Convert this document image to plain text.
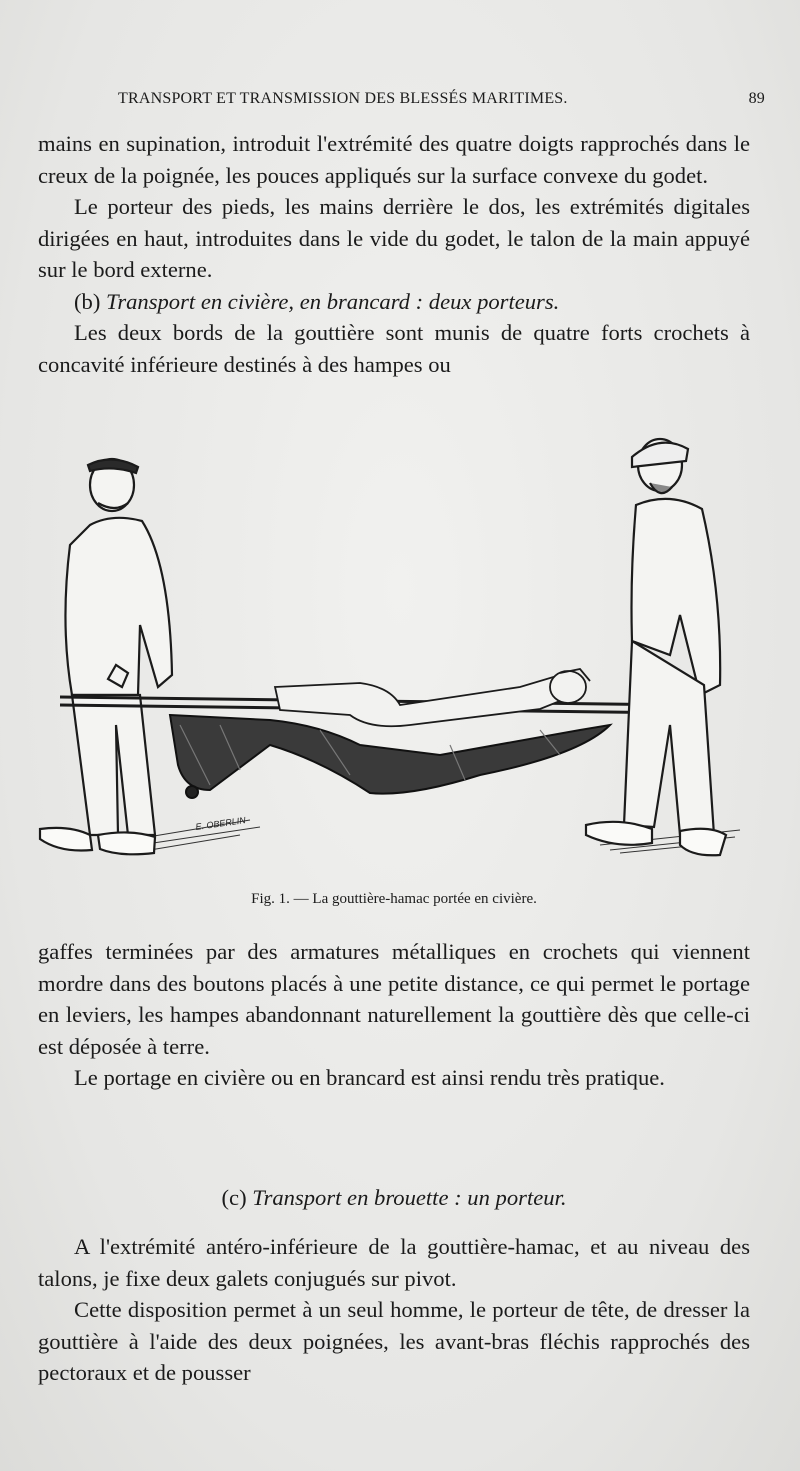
TRANSPORT ET TRANSMISSION DES BLESSÉS MARITIMES.	89

mains en supination, introduit l'extrémité des quatre doigts rapprochés dans le creux de la poignée, les pouces appliqués sur la surface convexe du godet.

Le porteur des pieds, les mains derrière le dos, les extrémités digitales dirigées en haut, introduites dans le vide du godet, le talon de la main appuyé sur le bord externe.

(b) Transport en civière, en brancard : deux porteurs.

Les deux bords de la gouttière sont munis de quatre forts crochets à concavité inférieure destinés à des hampes ou

E. OBERLIN
Fig. 1. — La gouttière-hamac portée en civière.

gaffes terminées par des armatures métalliques en crochets qui viennent mordre dans des boutons placés à une petite distance, ce qui permet le portage en leviers, les hampes abandonnant naturellement la gouttière dès que celle-ci est déposée à terre.

Le portage en civière ou en brancard est ainsi rendu très pratique.

(c) Transport en brouette : un porteur.

A l'extrémité antéro-inférieure de la gouttière-hamac, et au niveau des talons, je fixe deux galets conjugués sur pivot.

Cette disposition permet à un seul homme, le porteur de tête, de dresser la gouttière à l'aide des deux poignées, les avant-bras fléchis rapprochés des pectoraux et de pousser
